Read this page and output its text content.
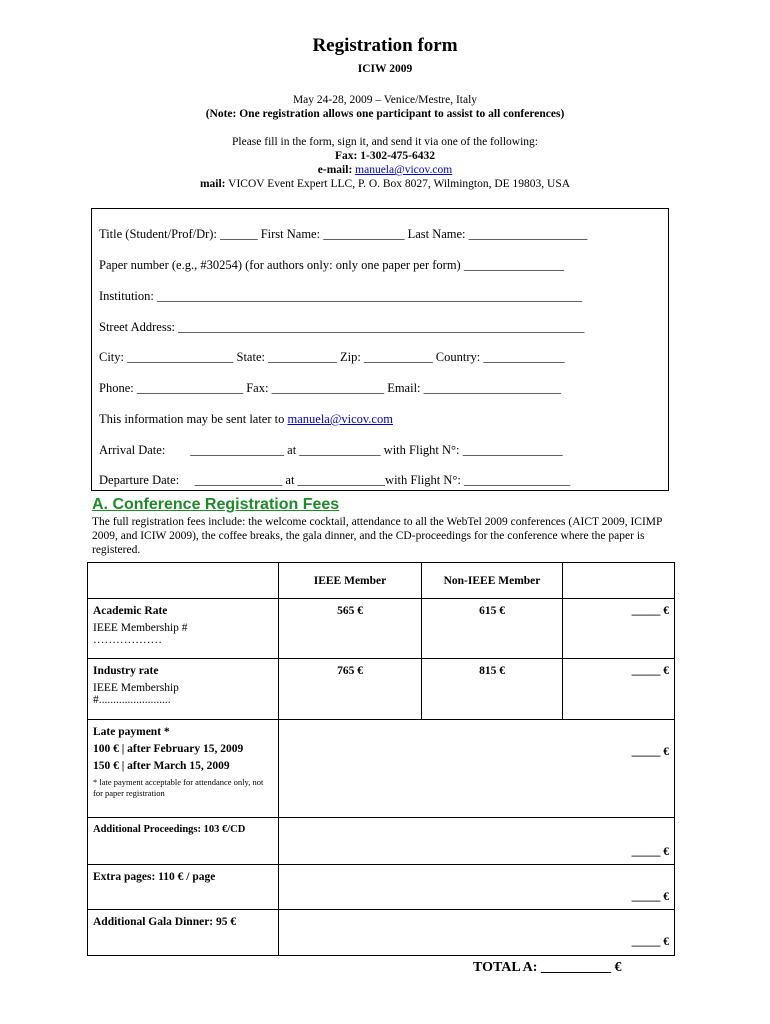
Registration form
ICIW 2009
May 24-28, 2009 – Venice/Mestre, Italy
(Note: One registration allows one participant to assist to all conferences)
Please fill in the form, sign it, and send it via one of the following:
Fax: 1-302-475-6432
e-mail: manuela@vicov.com
mail: VICOV Event Expert LLC, P. O. Box 8027, Wilmington, DE 19803, USA
Title (Student/Prof/Dr): ______ First Name: _____________ Last Name: ___________________
Paper number (e.g., #30254) (for authors only: only one paper per form) ________________
Institution: ____________________________________________________________________
Street Address: _________________________________________________________________
City: _________________ State: ___________ Zip: ___________ Country: _____________
Phone: _________________ Fax: __________________ Email: ______________________
This information may be sent later to manuela@vicov.com
Arrival Date:        _______________ at _____________ with Flight N°: ________________
Departure Date:     ______________ at ______________with Flight N°: _________________
A. Conference Registration Fees
The full registration fees include: the welcome cocktail, attendance to all the WebTel 2009 conferences (AICT 2009, ICIMP 2009, and ICIW 2009), the coffee breaks, the gala dinner, and the CD-proceedings for the conference where the paper is registered.
	IEEE Member	Non-IEEE Member	

Academic Rate
IEEE Membership #
………………	565 €	615 €	_____ €

Industry rate
IEEE Membership
#.........................	765 €	815 €	_____ €

Late payment *
100 € | after February 15, 2009
150 € | after March 15, 2009
* late payment acceptable for attendance only, not for paper registration	_____ €		

Additional Proceedings: 103 €/CD	_____ €		

Extra pages: 110 € / page	_____ €		

Additional Gala Dinner: 95 €	_____ €		
TOTAL A: __________ €
